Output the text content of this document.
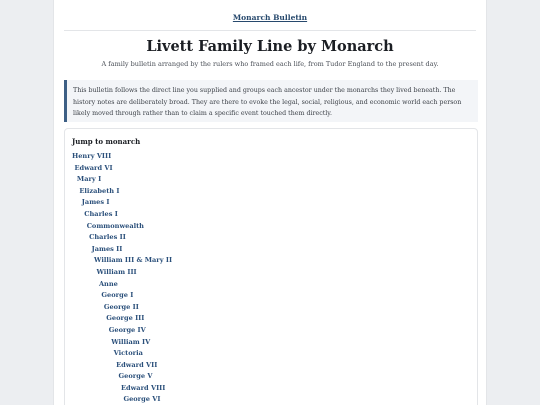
Monarch Bulletin
Livett Family Line by Monarch

A family bulletin arranged by the rulers who framed each life, from Tudor England to the present day.

This bulletin follows the direct line you supplied and groups each ancestor under the monarchs they lived beneath. The history notes are deliberately broad. They are there to evoke the legal, social, religious, and economic world each person likely moved through rather than to claim a specific event touched them directly.
Jump to monarch
Henry VIII
Edward VI
Mary I
Elizabeth I
James I
Charles I
Commonwealth
Charles II
James II
William III & Mary II
William III
Anne
George I
George II
George III
George IV
William IV
Victoria
Edward VII
George V
Edward VIII
George VI
